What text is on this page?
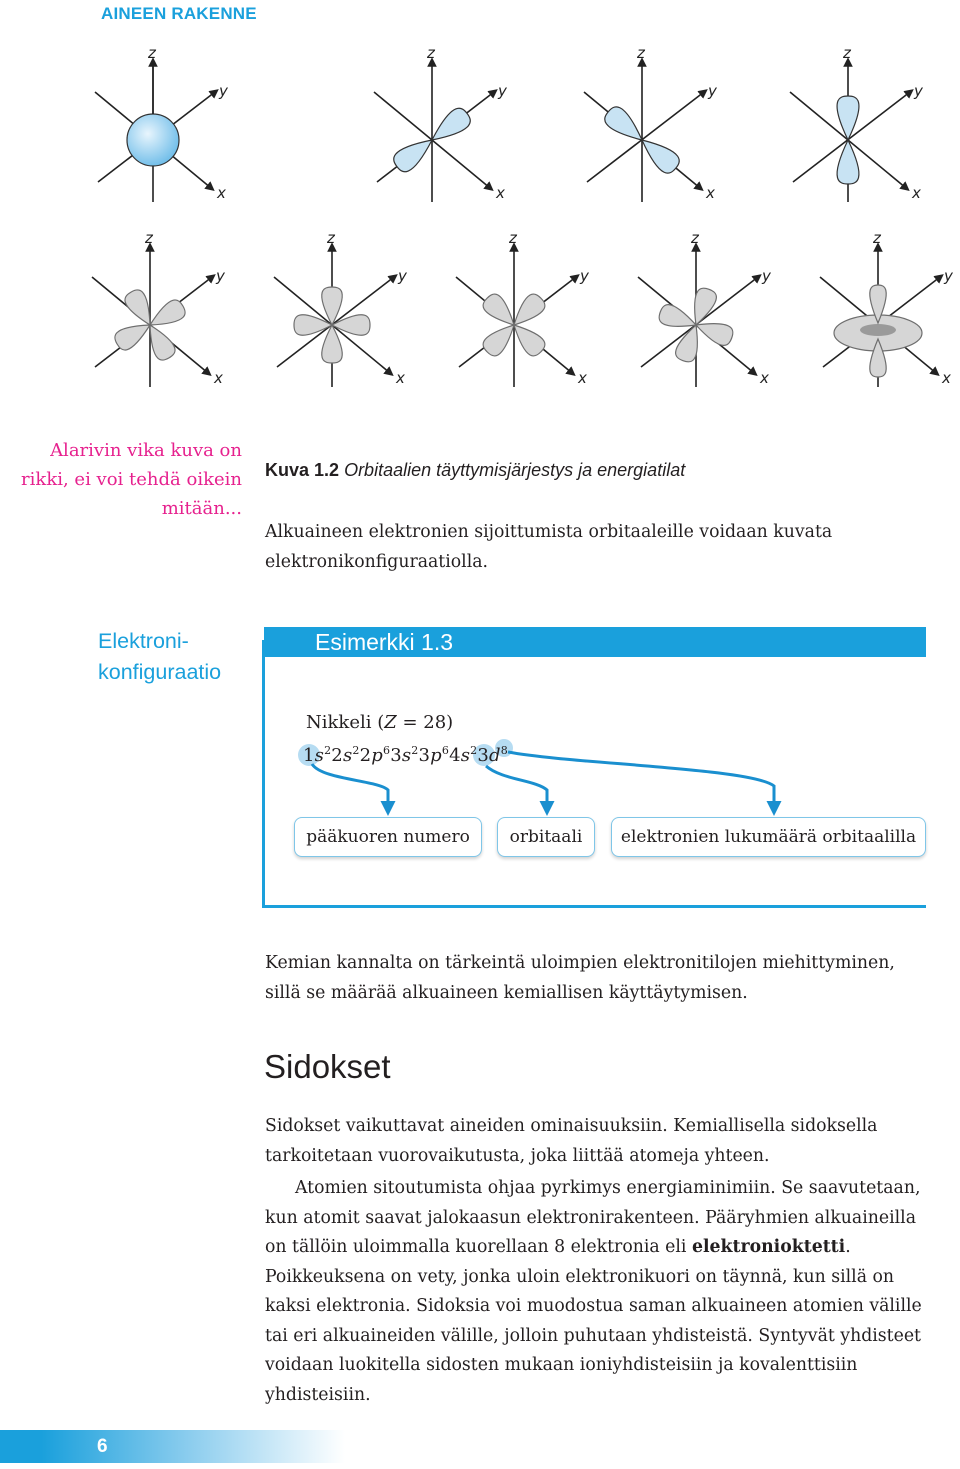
AINEEN RAKENNE
z
y
x
z
y
x
z
y
x
z
y
x
z
y
x
z
y
x
z
y
x
z
y
x
z
y
x
Alarivin vika kuva on rikki, ei voi tehdä oikein mitään...
Kuva 1.2 Orbitaalien täyttymisjärjestys ja energiatilat
Alkuaineen elektronien sijoittumista orbitaaleille voidaan kuvata elektronikonfiguraatiolla.
Elektroni-
konfiguraatio
Esimerkki 1.3
Nikkeli (Z = 28)
$1s^22s^22p^63s^23p^64s^23d^8$
pääkuoren numero	orbitaali	elektronien lukumäärä orbitaalilla
Kemian kannalta on tärkeintä uloimpien elektronitilojen miehittyminen, sillä se määrää alkuaineen kemiallisen käyttäytymisen.
Sidokset
Sidokset vaikuttavat aineiden ominaisuuksiin. Kemiallisella sidoksella tarkoitetaan vuorovaikutusta, joka liittää atomeja yhteen.
Atomien sitoutumista ohjaa pyrkimys energiaminimiin. Se saavutetaan, kun atomit saavat jalokaasun elektronirakenteen. Pääryhmien alkuaineilla on tällöin uloimmalla kuorellaan 8 elektronia eli elektronioktetti. Poikkeuksena on vety, jonka uloin elektronikuori on täynnä, kun sillä on kaksi elektronia. Sidoksia voi muodostua saman alkuaineen atomien välille tai eri alkuaineiden välille, jolloin puhutaan yhdisteistä. Syntyvät yhdisteet voidaan luokitella sidosten mukaan ioniyhdisteisiin ja kovalenttisiin yhdisteisiin.
6
